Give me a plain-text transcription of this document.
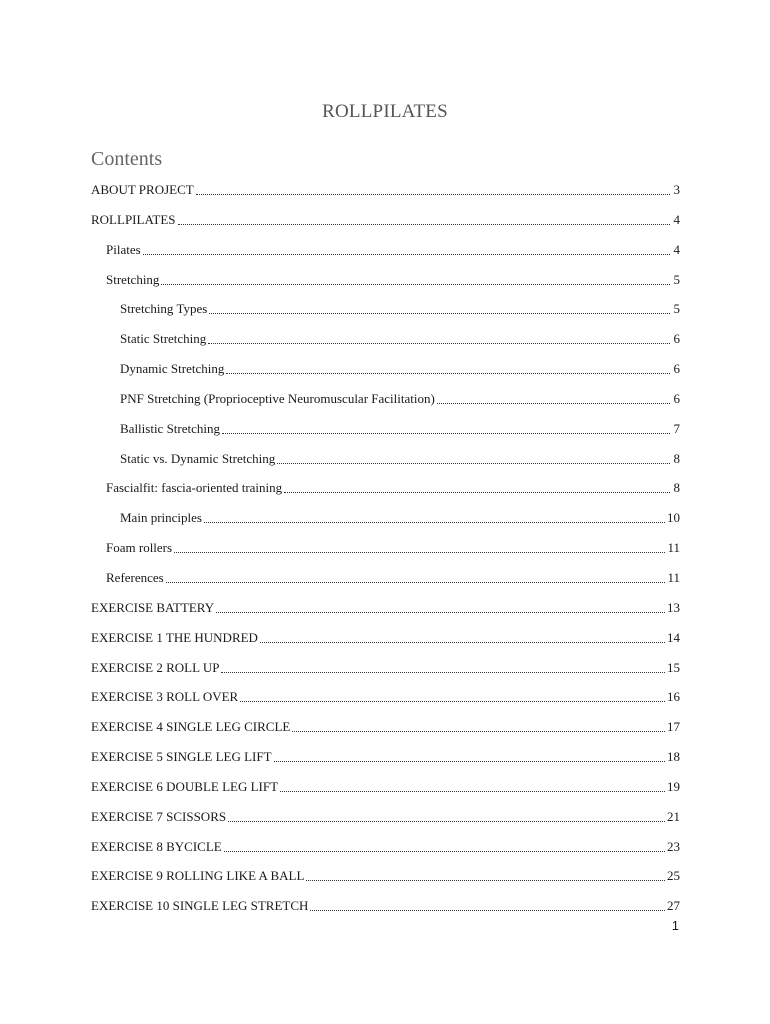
ROLLPILATES
Contents
ABOUT PROJECT	3
ROLLPILATES	4
Pilates	4
Stretching	5
Stretching Types	5
Static Stretching	6
Dynamic Stretching	6
PNF Stretching (Proprioceptive Neuromuscular Facilitation)	6
Ballistic Stretching	7
Static vs. Dynamic Stretching	8
Fascialfit: fascia-oriented training	8
Main principles	10
Foam rollers	11
References	11
EXERCISE BATTERY	13
EXERCISE 1 THE HUNDRED	14
EXERCISE 2 ROLL UP	15
EXERCISE 3 ROLL OVER	16
EXERCISE 4 SINGLE LEG CIRCLE	17
EXERCISE 5 SINGLE LEG LIFT	18
EXERCISE 6 DOUBLE LEG LIFT	19
EXERCISE 7 SCISSORS	21
EXERCISE 8 BYCICLE	23
EXERCISE 9 ROLLING LIKE A BALL	25
EXERCISE 10 SINGLE LEG STRETCH	27
1
